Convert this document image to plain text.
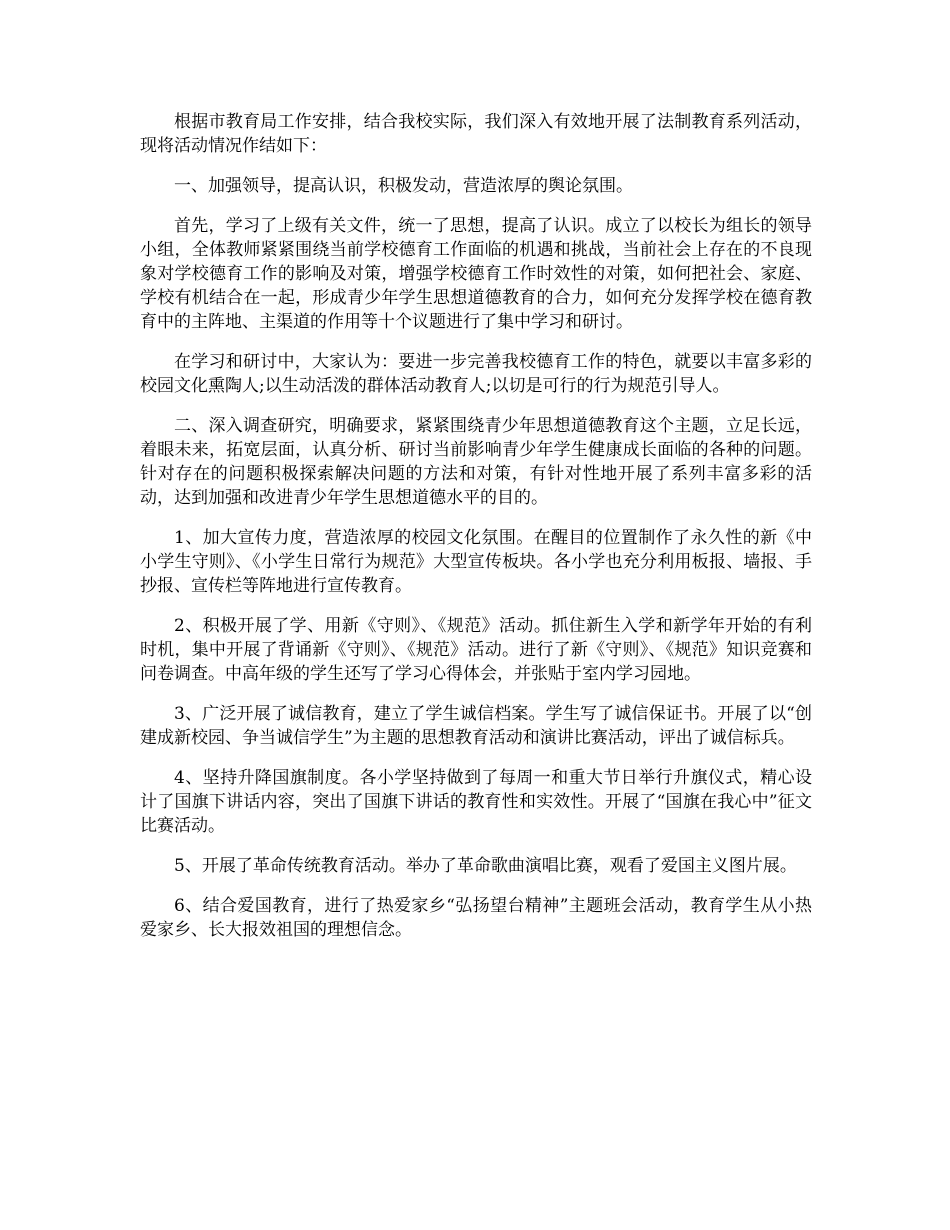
根据市教育局工作安排，结合我校实际，我们深入有效地开展了法制教育系列活动，现将活动情况作结如下：

一、加强领导，提高认识，积极发动，营造浓厚的舆论氛围。

首先，学习了上级有关文件，统一了思想，提高了认识。成立了以校长为组长的领导小组，全体教师紧紧围绕当前学校德育工作面临的机遇和挑战，当前社会上存在的不良现象对学校德育工作的影响及对策，增强学校德育工作时效性的对策，如何把社会、家庭、学校有机结合在一起，形成青少年学生思想道德教育的合力，如何充分发挥学校在德育教育中的主阵地、主渠道的作用等十个议题进行了集中学习和研讨。

在学习和研讨中，大家认为：要进一步完善我校德育工作的特色，就要以丰富多彩的校园文化熏陶人;以生动活泼的群体活动教育人;以切是可行的行为规范引导人。

二、深入调查研究，明确要求，紧紧围绕青少年思想道德教育这个主题，立足长远，着眼未来，拓宽层面，认真分析、研讨当前影响青少年学生健康成长面临的各种的问题。针对存在的问题积极探索解决问题的方法和对策，有针对性地开展了系列丰富多彩的活动，达到加强和改进青少年学生思想道德水平的目的。

1、加大宣传力度，营造浓厚的校园文化氛围。在醒目的位置制作了永久性的新《中小学生守则》、《小学生日常行为规范》大型宣传板块。各小学也充分利用板报、墙报、手抄报、宣传栏等阵地进行宣传教育。

2、积极开展了学、用新《守则》、《规范》活动。抓住新生入学和新学年开始的有利时机，集中开展了背诵新《守则》、《规范》活动。进行了新《守则》、《规范》知识竞赛和问卷调查。中高年级的学生还写了学习心得体会，并张贴于室内学习园地。

3、广泛开展了诚信教育，建立了学生诚信档案。学生写了诚信保证书。开展了以“创建成新校园、争当诚信学生”为主题的思想教育活动和演讲比赛活动，评出了诚信标兵。

4、坚持升降国旗制度。各小学坚持做到了每周一和重大节日举行升旗仪式，精心设计了国旗下讲话内容，突出了国旗下讲话的教育性和实效性。开展了“国旗在我心中”征文比赛活动。

5、开展了革命传统教育活动。举办了革命歌曲演唱比赛，观看了爱国主义图片展。

6、结合爱国教育，进行了热爱家乡“弘扬望台精神”主题班会活动，教育学生从小热爱家乡、长大报效祖国的理想信念。
